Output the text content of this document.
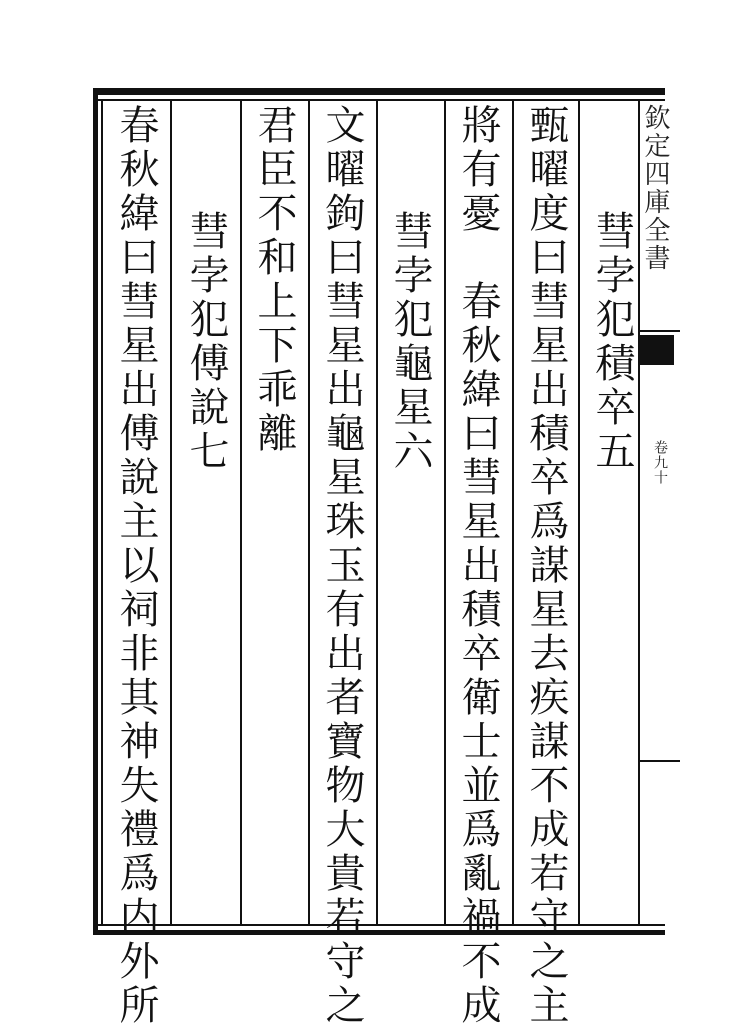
欽定四庫全書
卷九十
彗孛犯積卒五
甄曜度曰彗星出積卒爲謀星去疾謀不成若守之主
將有憂　春秋緯曰彗星出積卒衛士並爲亂禍不成
彗孛犯龜星六
文曜鉤曰彗星出龜星珠玉有出者寶物大貴若守之
君臣不和上下乖離
彗孛犯傅說七
春秋緯曰彗星出傅說主以祠非其神失禮爲内外所
